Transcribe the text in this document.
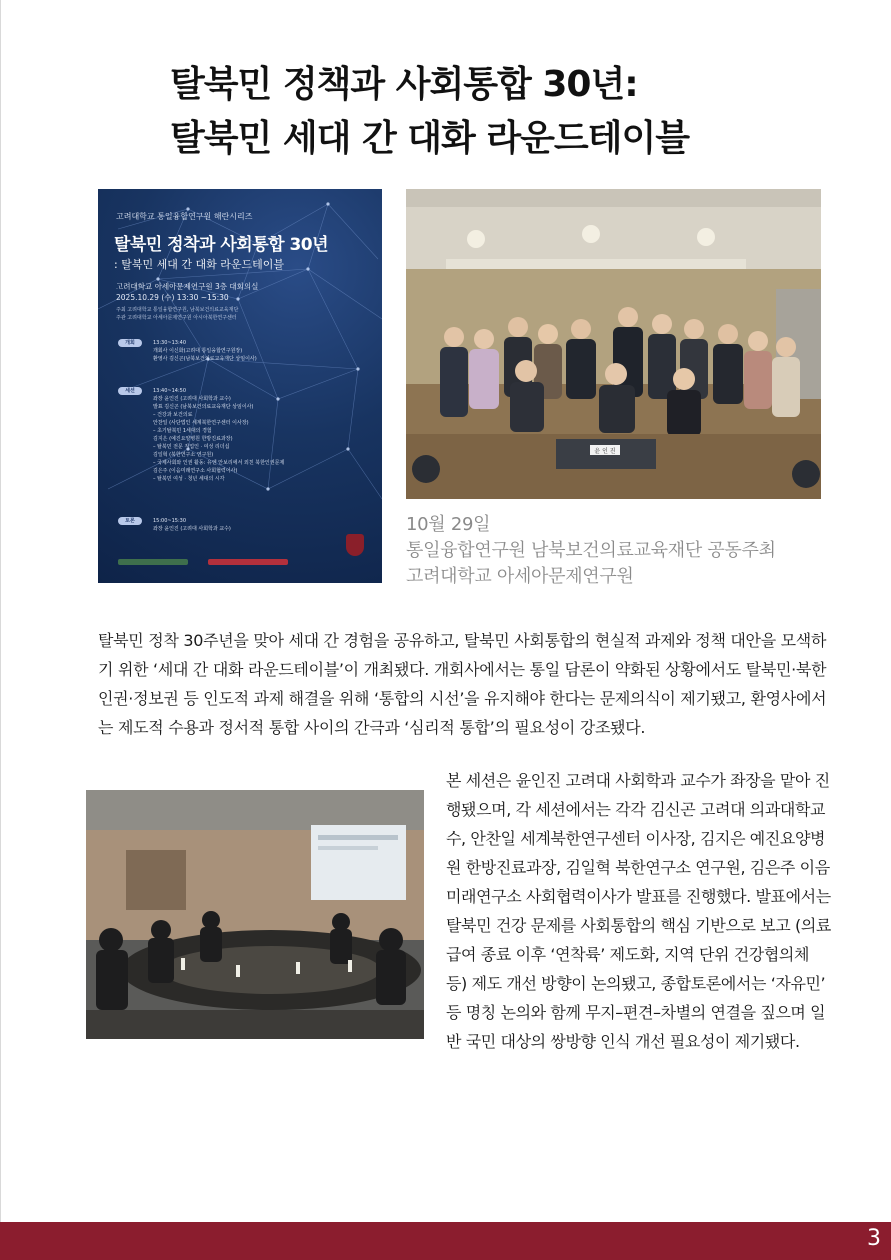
탈북민 정책과 사회통합 30년:
탈북민 세대 간 대화 라운드테이블
고려대학교 통일융합연구원 해란시리즈
탈북민 정착과 사회통합 30년
: 탈북민 세대 간 대화 라운드테이블
고려대학교 아세아문제연구원 3층 대회의실
2025.10.29 (수) 13:30 ~15:30
주최 고려대학교 통일융합연구원, 남북보건의료교육재단
주관 고려대학교 아세아문제연구원 아시아북한연구센터
개회	13:30~13:40
개회사 이신화(고려대 통일융합연구원장)
환영사 김신곤(남북보건의료교육재단 상임이사)
세션	13:40~14:50
좌장 윤인진 (고려대 사회학과 교수)
발표 김신곤 (남북보건의료교육재단 상임이사)
– 건강과 보건의료
안찬일 (사단법인 세계북한연구센터 이사장)
– 초기탈북민 1세대의 경험
김지은 (예진요양병원 한방진료과장)
– 탈북민 전문 직업인 · 여성 리더십
김일혁 (북한연구소 연구원)
– 국제사회와 인권 활동: 유엔 안보리에서 외친 북한인권문제
김은주 (이음미래연구소 사회협력이사)
– 탈북민 여성 · 청년 세대의 시각
토론	15:00~15:30
좌장 윤인진 (고려대 사회학과 교수)
윤 인 진
10월 29일
통일융합연구원 남북보건의료교육재단 공동주최
고려대학교 아세아문제연구원

탈북민 정착 30주년을 맞아 세대 간 경험을 공유하고, 탈북민 사회통합의 현실적 과제와 정책 대안을 모색하기 위한 ‘세대 간 대화 라운드테이블’이 개최됐다. 개회사에서는 통일 담론이 약화된 상황에서도 탈북민·북한인권·정보권 등 인도적 과제 해결을 위해 ‘통합의 시선’을 유지해야 한다는 문제의식이 제기됐고, 환영사에서는 제도적 수용과 정서적 통합 사이의 간극과 ‘심리적 통합’의 필요성이 강조됐다.

본 세션은 윤인진 고려대 사회학과 교수가 좌장을 맡아 진행됐으며, 각 세션에서는 각각 김신곤 고려대 의과대학교수, 안찬일 세계북한연구센터 이사장, 김지은 예진요양병원 한방진료과장, 김일혁 북한연구소 연구원, 김은주 이음미래연구소 사회협력이사가 발표를 진행했다. 발표에서는 탈북민 건강 문제를 사회통합의 핵심 기반으로 보고 (의료급여 종료 이후 ‘연착륙’ 제도화, 지역 단위 건강협의체 등) 제도 개선 방향이 논의됐고, 종합토론에서는 ‘자유민’ 등 명칭 논의와 함께 무지–편견–차별의 연결을 짚으며 일반 국민 대상의 쌍방향 인식 개선 필요성이 제기됐다.

3
